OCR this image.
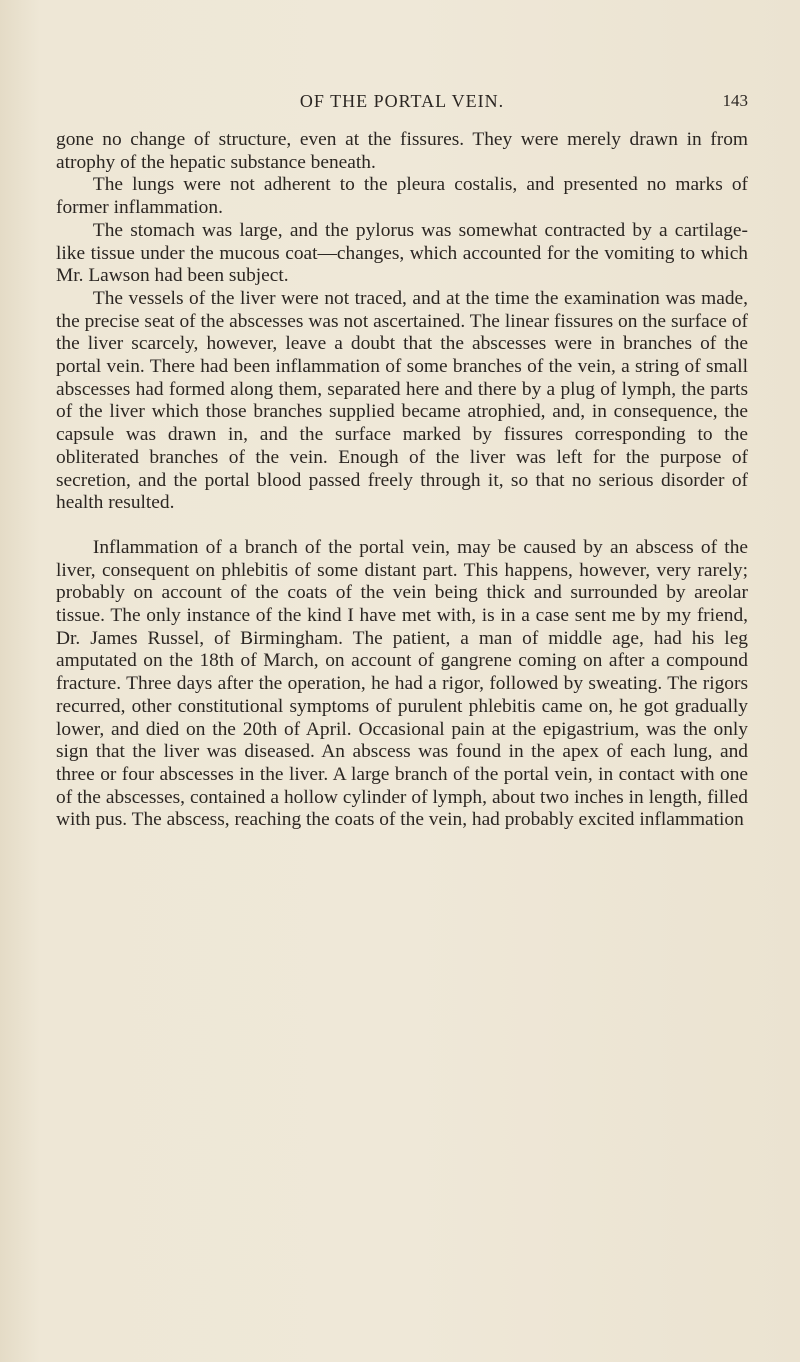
OF THE PORTAL VEIN.	143

gone no change of structure, even at the fissures. They were merely drawn in from atrophy of the hepatic substance beneath.

The lungs were not adherent to the pleura costalis, and presented no marks of former inflammation.

The stomach was large, and the pylorus was somewhat contracted by a cartilage-like tissue under the mucous coat—changes, which accounted for the vomiting to which Mr. Lawson had been subject.

The vessels of the liver were not traced, and at the time the examination was made, the precise seat of the abscesses was not ascertained. The linear fissures on the surface of the liver scarcely, however, leave a doubt that the abscesses were in branches of the portal vein. There had been inflammation of some branches of the vein, a string of small abscesses had formed along them, separated here and there by a plug of lymph, the parts of the liver which those branches supplied became atrophied, and, in consequence, the capsule was drawn in, and the surface marked by fissures corresponding to the obliterated branches of the vein. Enough of the liver was left for the purpose of secretion, and the portal blood passed freely through it, so that no serious disorder of health resulted.

Inflammation of a branch of the portal vein, may be caused by an abscess of the liver, consequent on phlebitis of some distant part. This happens, however, very rarely; probably on account of the coats of the vein being thick and surrounded by areolar tissue. The only instance of the kind I have met with, is in a case sent me by my friend, Dr. James Russel, of Birmingham. The patient, a man of middle age, had his leg amputated on the 18th of March, on account of gangrene coming on after a compound fracture. Three days after the operation, he had a rigor, followed by sweating. The rigors recurred, other constitutional symptoms of purulent phlebitis came on, he got gradually lower, and died on the 20th of April. Occasional pain at the epigastrium, was the only sign that the liver was diseased. An abscess was found in the apex of each lung, and three or four abscesses in the liver. A large branch of the portal vein, in contact with one of the abscesses, contained a hollow cylinder of lymph, about two inches in length, filled with pus. The abscess, reaching the coats of the vein, had probably excited inflammation
